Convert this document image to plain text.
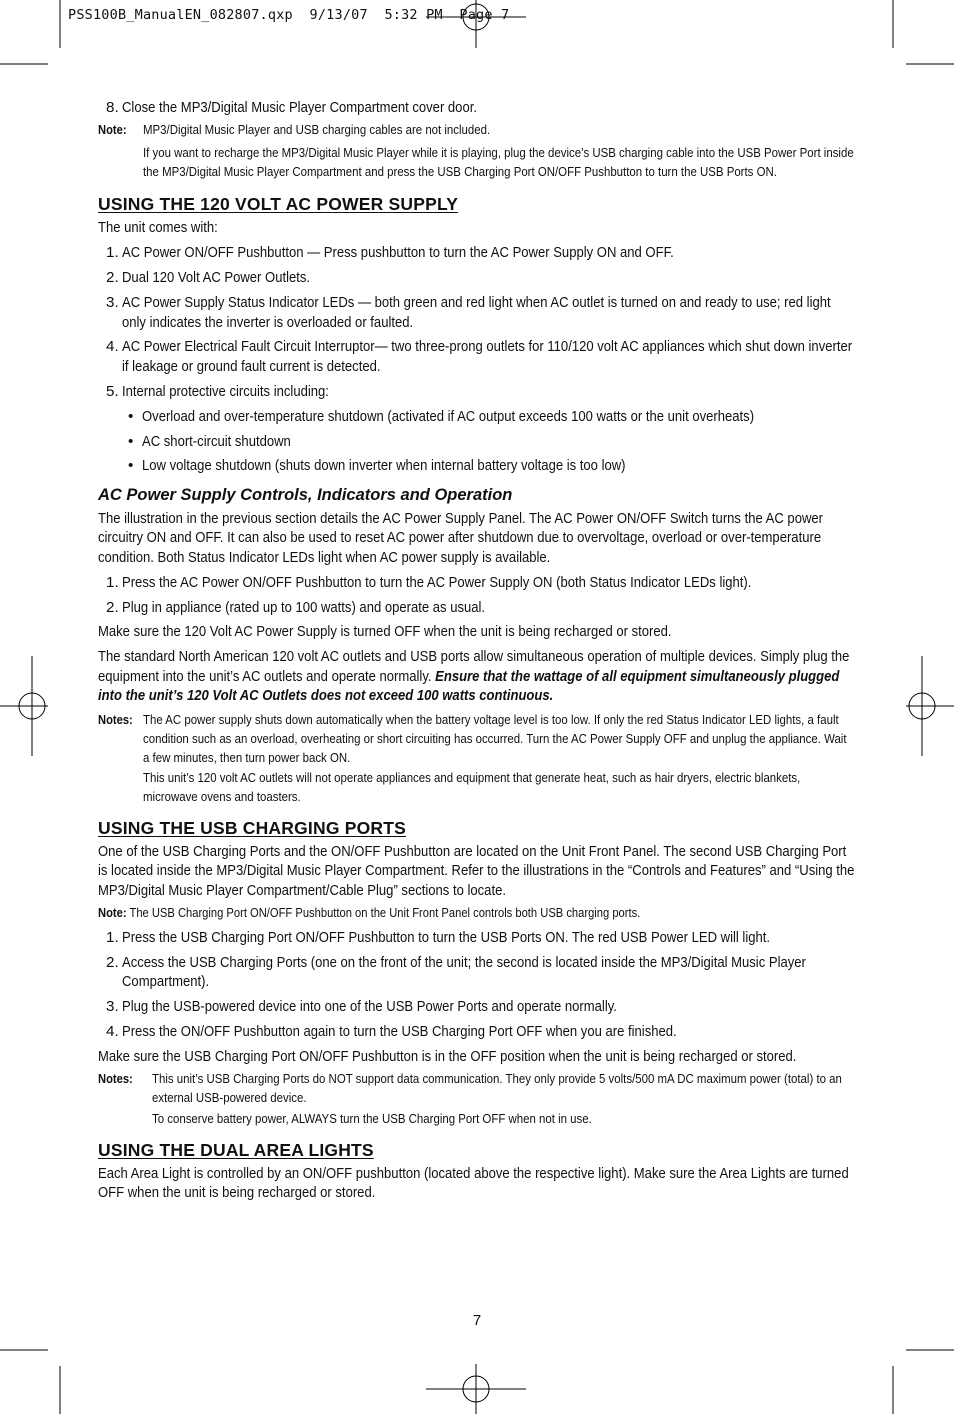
PSS100B_ManualEN_082807.qxp  9/13/07  5:32 PM  Page 7
8. Close the MP3/Digital Music Player Compartment cover door.
Note: MP3/Digital Music Player and USB charging cables are not included.

If you want to recharge the MP3/Digital Music Player while it is playing, plug the device’s USB charging cable into the USB Power Port inside the MP3/Digital Music Player Compartment and press the USB Charging Port ON/OFF Pushbutton to turn the USB Ports ON.

USING THE 120 VOLT AC POWER SUPPLY

The unit comes with:

1. AC Power ON/OFF Pushbutton — Press pushbutton to turn the AC Power Supply ON and OFF.
2. Dual 120 Volt AC Power Outlets.
3. AC Power Supply Status Indicator LEDs — both green and red light when AC outlet is turned on and ready to use; red light only indicates the inverter is overloaded or faulted.
4. AC Power Electrical Fault Circuit Interruptor— two three-prong outlets for 110/120 volt AC appliances which shut down inverter if leakage or ground fault current is detected.
5. Internal protective circuits including:
• Overload and over-temperature shutdown (activated if AC output exceeds 100 watts or the unit overheats)
• AC short-circuit shutdown
• Low voltage shutdown (shuts down inverter when internal battery voltage is too low)
AC Power Supply Controls, Indicators and Operation

The illustration in the previous section details the AC Power Supply Panel. The AC Power ON/OFF Switch turns the AC power circuitry ON and OFF. It can also be used to reset AC power after shutdown due to overvoltage, overload or over-temperature condition. Both Status Indicator LEDs light when AC power supply is available.

1. Press the AC Power ON/OFF Pushbutton to turn the AC Power Supply ON (both Status Indicator LEDs light).
2. Plug in appliance (rated up to 100 watts) and operate as usual.

Make sure the 120 Volt AC Power Supply is turned OFF when the unit is being recharged or stored.

The standard North American 120 volt AC outlets and USB ports allow simultaneous operation of multiple devices. Simply plug the equipment into the unit’s AC outlets and operate normally. Ensure that the wattage of all equipment simultaneously plugged into the unit’s 120 Volt AC Outlets does not exceed 100 watts continuous.

Notes: The AC power supply shuts down automatically when the battery voltage level is too low. If only the red Status Indicator LED lights, a fault condition such as an overload, overheating or short circuiting has occurred. Turn the AC Power Supply OFF and unplug the appliance. Wait a few minutes, then turn power back ON.

This unit’s 120 volt AC outlets will not operate appliances and equipment that generate heat, such as hair dryers, electric blankets, microwave ovens and toasters.

USING THE USB CHARGING PORTS

One of the USB Charging Ports and the ON/OFF Pushbutton are located on the Unit Front Panel. The second USB Charging Port is located inside the MP3/Digital Music Player Compartment. Refer to the illustrations in the “Controls and Features” and “Using the MP3/Digital Music Player Compartment/Cable Plug” sections to locate.

Note: The USB Charging Port ON/OFF Pushbutton on the Unit Front Panel controls both USB charging ports.
1. Press the USB Charging Port ON/OFF Pushbutton to turn the USB Ports ON. The red USB Power LED will light.
2. Access the USB Charging Ports (one on the front of the unit; the second is located inside the MP3/Digital Music Player Compartment).
3. Plug the USB-powered device into one of the USB Power Ports and operate normally.
4. Press the ON/OFF Pushbutton again to turn the USB Charging Port OFF when you are finished.

Make sure the USB Charging Port ON/OFF Pushbutton is in the OFF position when the unit is being recharged or stored.

Notes: This unit’s USB Charging Ports do NOT support data communication. They only provide 5 volts/500 mA DC maximum power (total) to an external USB-powered device.

To conserve battery power, ALWAYS turn the USB Charging Port OFF when not in use.

USING THE DUAL AREA LIGHTS

Each Area Light is controlled by an ON/OFF pushbutton (located above the respective light). Make sure the Area Lights are turned OFF when the unit is being recharged or stored.

7
